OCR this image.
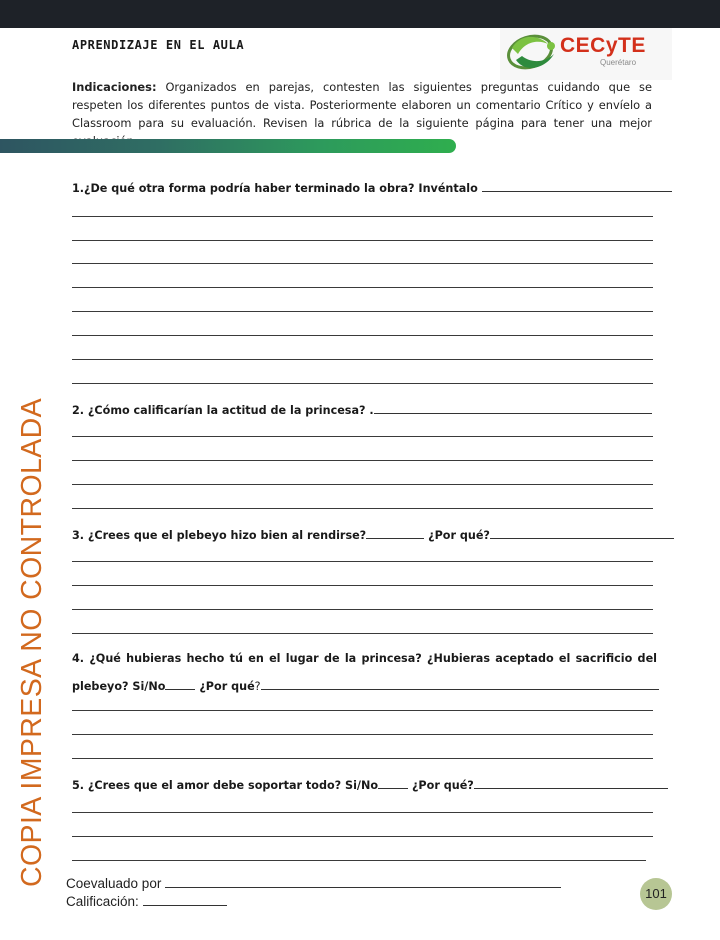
APRENDIZAJE EN EL AULA	CECyTE
Querétaro
Indicaciones: Organizados en parejas, contesten las siguientes preguntas cuidando que se respeten los diferentes puntos de vista. Posteriormente elaboren un comentario Crítico y envíelo a Classroom para su evaluación. Revisen la rúbrica de la siguiente página para tener una mejor
COPIA IMPRESA NO CONTROLADA
1.¿De qué otra forma podría haber terminado la obra? Invéntalo
2. ¿Cómo calificarían la actitud de la princesa? .
3. ¿Crees que el plebeyo hizo bien al rendirse?	¿Por qué?
4. ¿Qué hubieras hecho tú en el lugar de la princesa? ¿Hubieras aceptado el sacrificio del
plebeyo? Si/No	¿Por qué?
5. ¿Crees que el amor debe soportar todo? Si/No	¿Por qué?
Coevaluado por
Calificación:
101
